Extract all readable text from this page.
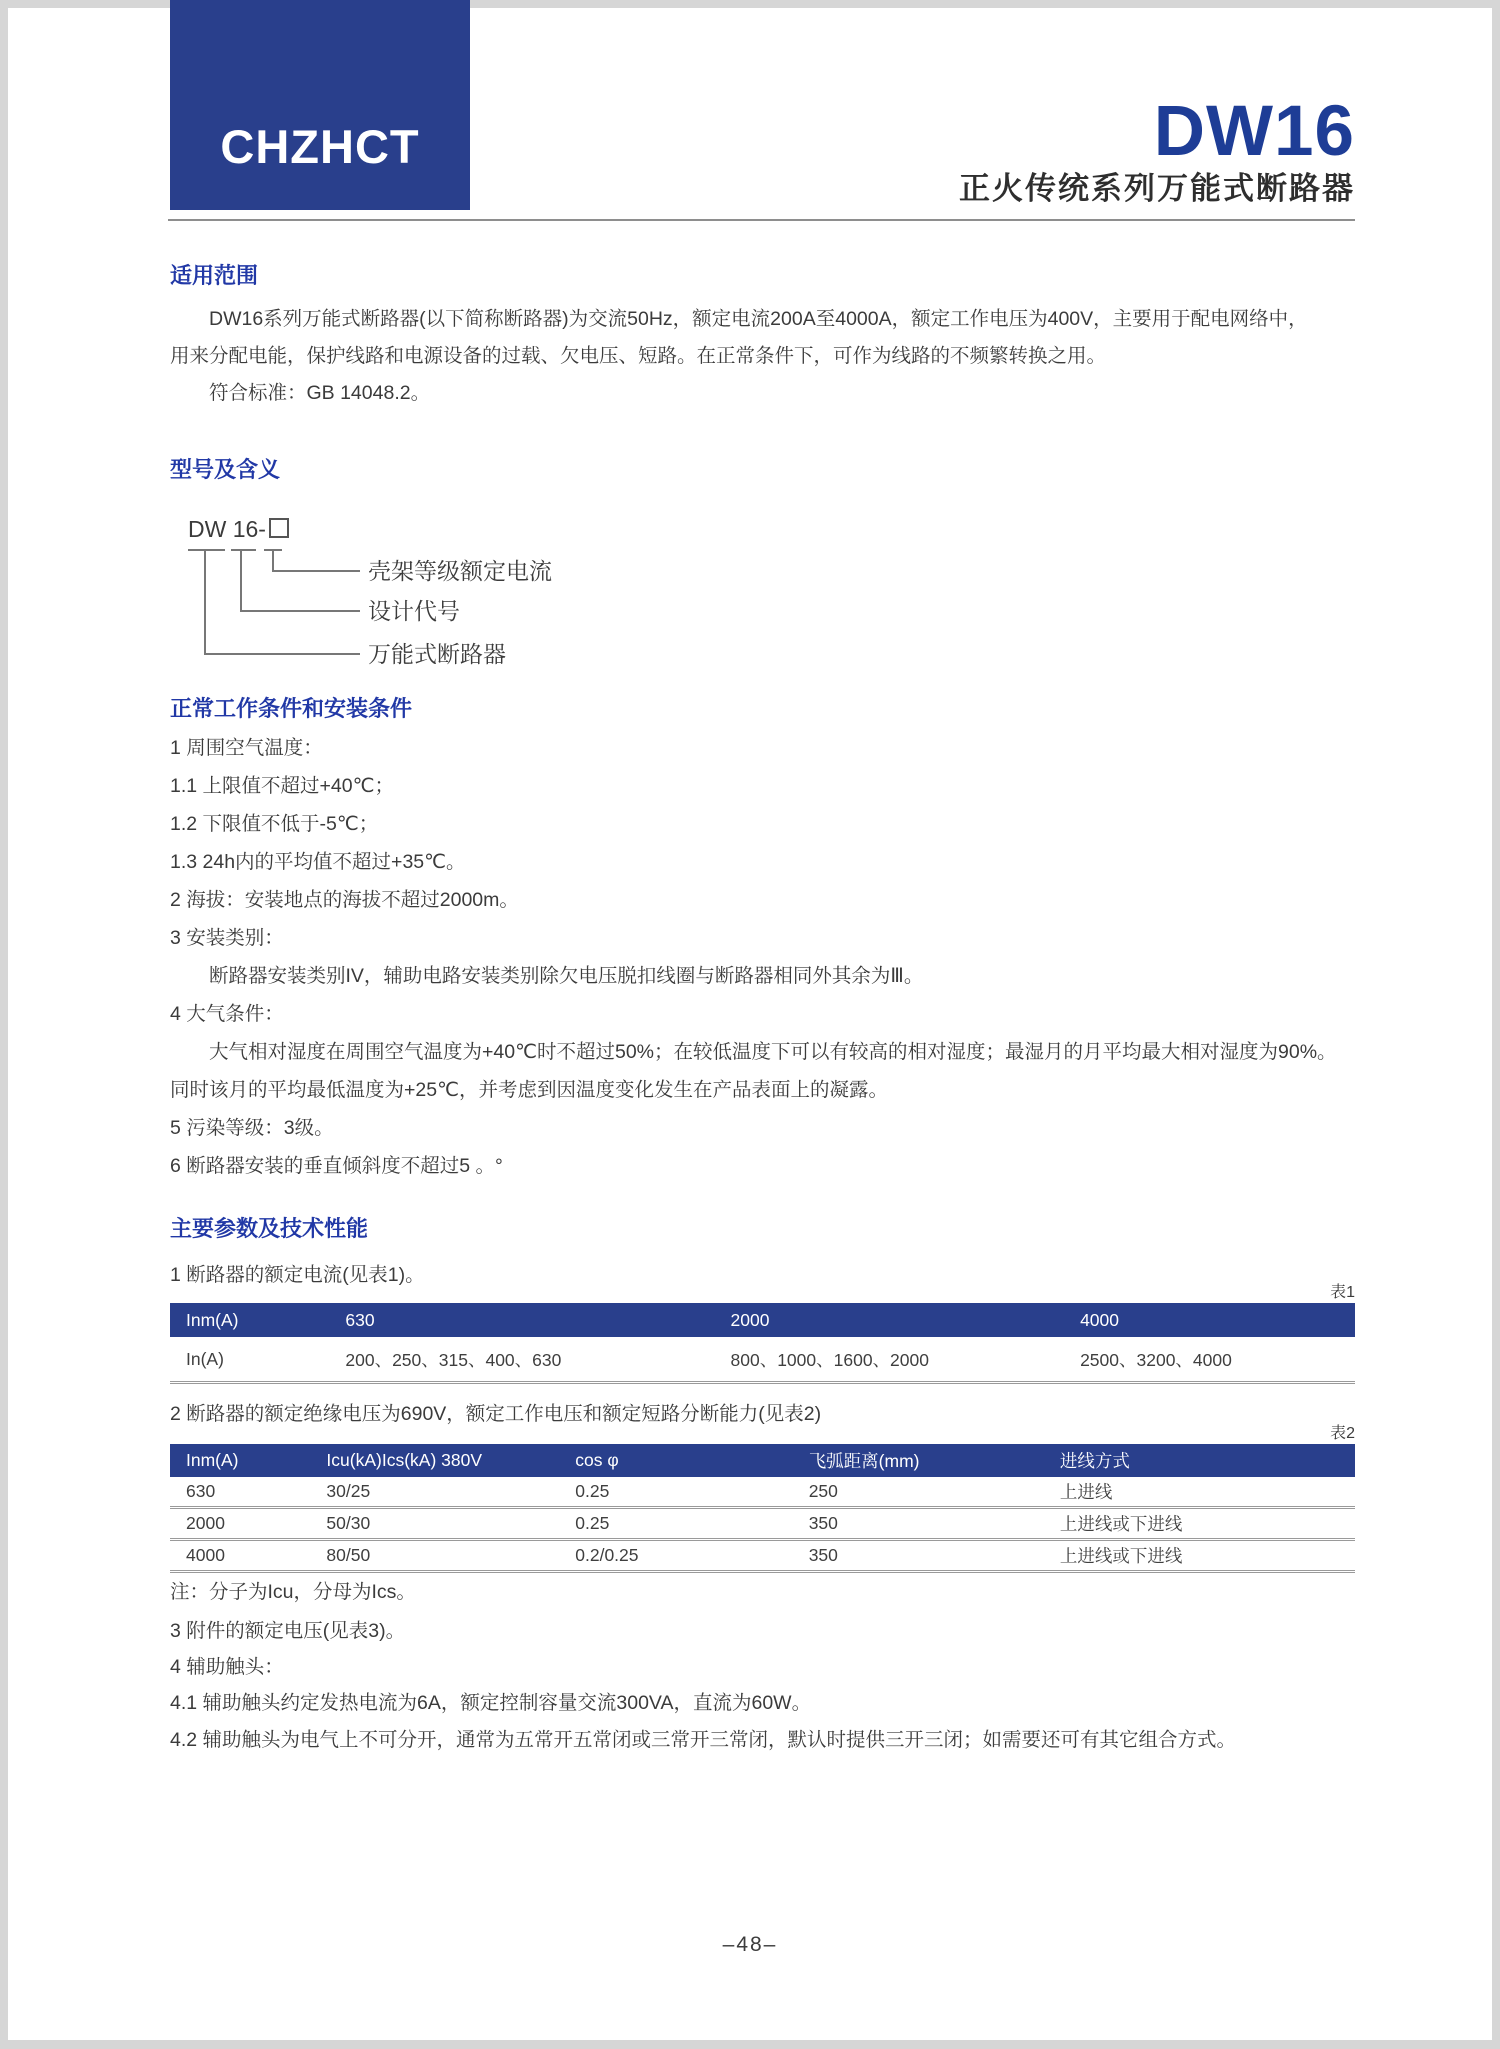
CHZHCT	DW16
正火传统系列万能式断路器
适用范围
　　DW16系列万能式断路器(以下简称断路器)为交流50Hz，额定电流200A至4000A，额定工作电压为400V，主要用于配电网络中，
用来分配电能，保护线路和电源设备的过载、欠电压、短路。在正常条件下，可作为线路的不频繁转换之用。
　　符合标准：GB 14048.2。
型号及含义
DW 16-
壳架等级额定电流
设计代号
万能式断路器
正常工作条件和安装条件
1 周围空气温度：
1.1 上限值不超过+40℃；
1.2 下限值不低于-5℃；
1.3 24h内的平均值不超过+35℃。
2 海拔：安装地点的海拔不超过2000m。
3 安装类别：
　　断路器安装类别IV，辅助电路安装类别除欠电压脱扣线圈与断路器相同外其余为Ⅲ。
4 大气条件：
　　大气相对湿度在周围空气温度为+40℃时不超过50%；在较低温度下可以有较高的相对湿度；最湿月的月平均最大相对湿度为90%。
同时该月的平均最低温度为+25℃，并考虑到因温度变化发生在产品表面上的凝露。
5 污染等级：3级。
6 断路器安装的垂直倾斜度不超过5 。°
主要参数及技术性能
1 断路器的额定电流(见表1)。
表1
Inm(A)	630	2000	4000
In(A)	200、250、315、400、630	800、1000、1600、2000	2500、3200、4000
2 断路器的额定绝缘电压为690V，额定工作电压和额定短路分断能力(见表2)
表2
Inm(A)	Icu(kA)Ics(kA) 380V	cos φ	飞弧距离(mm)	进线方式
630	30/25	0.25	250	上进线
2000	50/30	0.25	350	上进线或下进线
4000	80/50	0.2/0.25	350	上进线或下进线
注：分子为Icu，分母为Ics。
3 附件的额定电压(见表3)。
4 辅助触头：
4.1 辅助触头约定发热电流为6A，额定控制容量交流300VA，直流为60W。
4.2 辅助触头为电气上不可分开，通常为五常开五常闭或三常开三常闭，默认时提供三开三闭；如需要还可有其它组合方式。
–48–
